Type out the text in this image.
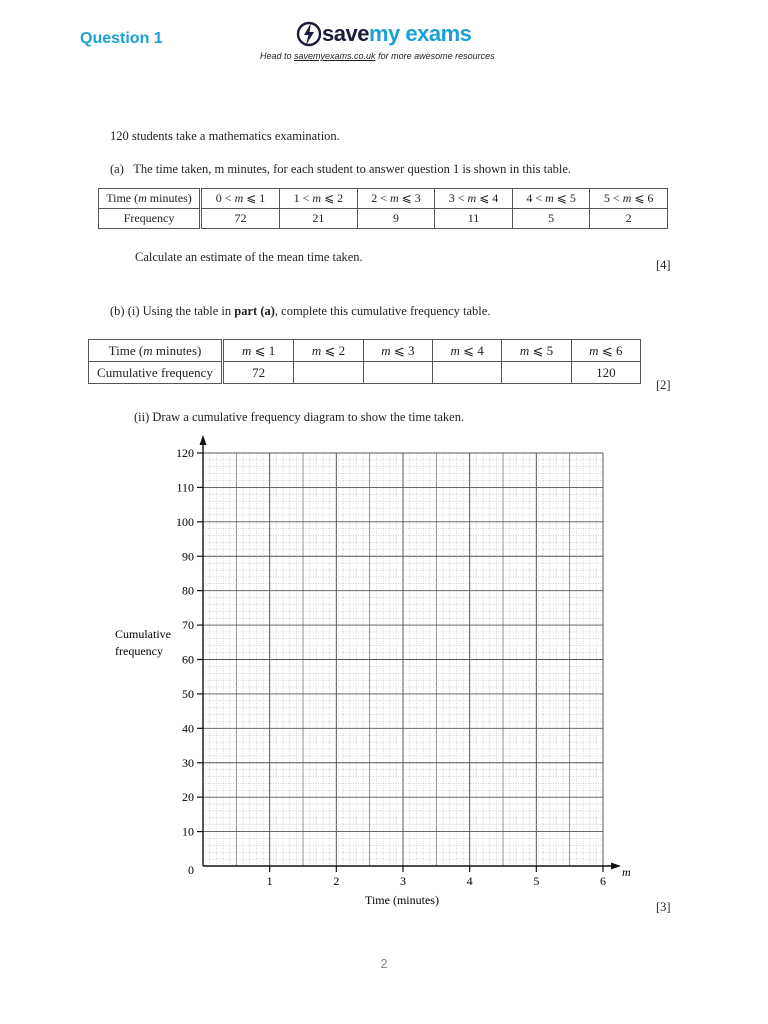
Question 1	savemy exams
Head to savemyexams.co.uk for more awesome resources
120 students take a mathematics examination.
(a) The time taken, m minutes, for each student to answer question 1 is shown in this table.
Time (m minutes)	0 < m ⩽ 1	1 < m ⩽ 2	2 < m ⩽ 3	3 < m ⩽ 4	4 < m ⩽ 5	5 < m ⩽ 6
Frequency	72	21	9	11	5	2
Calculate an estimate of the mean time taken.
[4]
(b) (i) Using the table in part (a), complete this cumulative frequency table.
Time (m minutes)	m ⩽ 1	m ⩽ 2	m ⩽ 3	m ⩽ 4	m ⩽ 5	m ⩽ 6
Cumulative frequency	72					120
[2]
(ii) Draw a cumulative frequency diagram to show the time taken.
10
20
30
40
50
60
70
80
90
100
110
120
0
1	2	3	4	5	6
Cumulative
frequency
Time (minutes)
m
[3]
2
